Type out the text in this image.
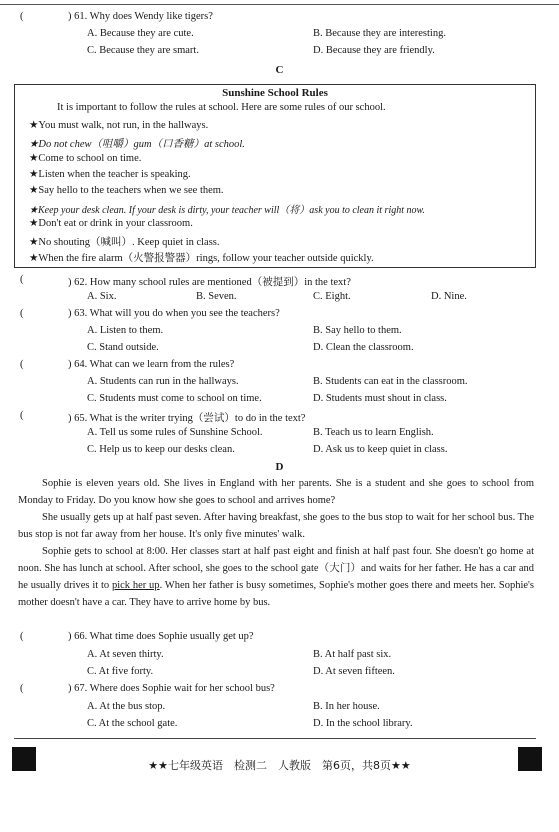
(	) 61. Why does Wendy like tigers?
A. Because they are cute.	B. Because they are interesting.
C. Because they are smart.	D. Because they are friendly.
C
Sunshine School Rules
It is important to follow the rules at school. Here are some rules of our school.
★You must walk, not run, in the hallways.
★Do not chew（咀嚼）gum（口香糖）at school.
★Come to school on time.
★Listen when the teacher is speaking.
★Say hello to the teachers when we see them.
★Keep your desk clean. If your desk is dirty, your teacher will（将）ask you to clean it right now.
★Don't eat or drink in your classroom.
★No shouting（喊叫）. Keep quiet in class.
★When the fire alarm（火警报警器）rings, follow your teacher outside quickly.
(	) 62. How many school rules are mentioned（被提到）in the text?
A. Six.	B. Seven.	C. Eight.	D. Nine.
(	) 63. What will you do when you see the teachers?
A. Listen to them.	B. Say hello to them.
C. Stand outside.	D. Clean the classroom.
(	) 64. What can we learn from the rules?
A. Students can run in the hallways.	B. Students can eat in the classroom.
C. Students must come to school on time.	D. Students must shout in class.
(	) 65. What is the writer trying（尝试）to do in the text?
A. Tell us some rules of Sunshine School.	B. Teach us to learn English.
C. Help us to keep our desks clean.	D. Ask us to keep quiet in class.
D
Sophie is eleven years old. She lives in England with her parents. She is a student and she goes to school from Monday to Friday. Do you know how she goes to school and arrives home?
She usually gets up at half past seven. After having breakfast, she goes to the bus stop to wait for her school bus. The bus stop is not far away from her house. It's only five minutes' walk.
Sophie gets to school at 8:00. Her classes start at half past eight and finish at half past four. She doesn't go home at noon. She has lunch at school. After school, she goes to the school gate（大门）and waits for her father. He has a car and he usually drives it to pick her up. When her father is busy sometimes, Sophie's mother goes there and meets her. Sophie's mother doesn't have a car. They have to arrive home by bus.
(	) 66. What time does Sophie usually get up?
A. At seven thirty.	B. At half past six.
C. At five forty.	D. At seven fifteen.
(	) 67. Where does Sophie wait for her school bus?
A. At the bus stop.	B. In her house.
C. At the school gate.	D. In the school library.
★★七年级英语　检测二　人教版　第6页，共8页★★
